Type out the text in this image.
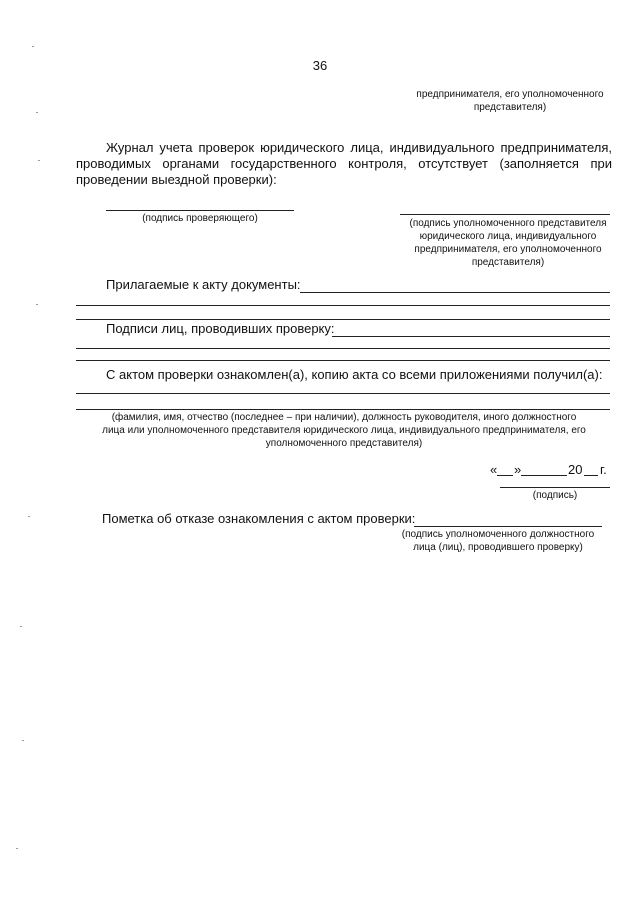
36
предпринимателя, его уполномоченного
представителя)
Журнал учета проверок юридического лица, индивидуального предпринимателя,
проводимых органами государственного контроля, отсутствует (заполняется при
проведении выездной проверки):
(подпись проверяющего)	(подпись уполномоченного представителя
юридического лица, индивидуального
предпринимателя, его уполномоченного
представителя)
Прилагаемые к акту документы:
Подписи лиц, проводивших проверку:
С актом проверки ознакомлен(а), копию акта со всеми приложениями получил(а):
(фамилия, имя, отчество (последнее – при наличии), должность руководителя, иного должностного
лица или уполномоченного представителя юридического лица, индивидуального предпринимателя, его
уполномоченного представителя)
« »	20 г.
(подпись)
Пометка об отказе ознакомления с актом проверки:
(подпись уполномоченного должностного
лица (лиц), проводившего проверку)
